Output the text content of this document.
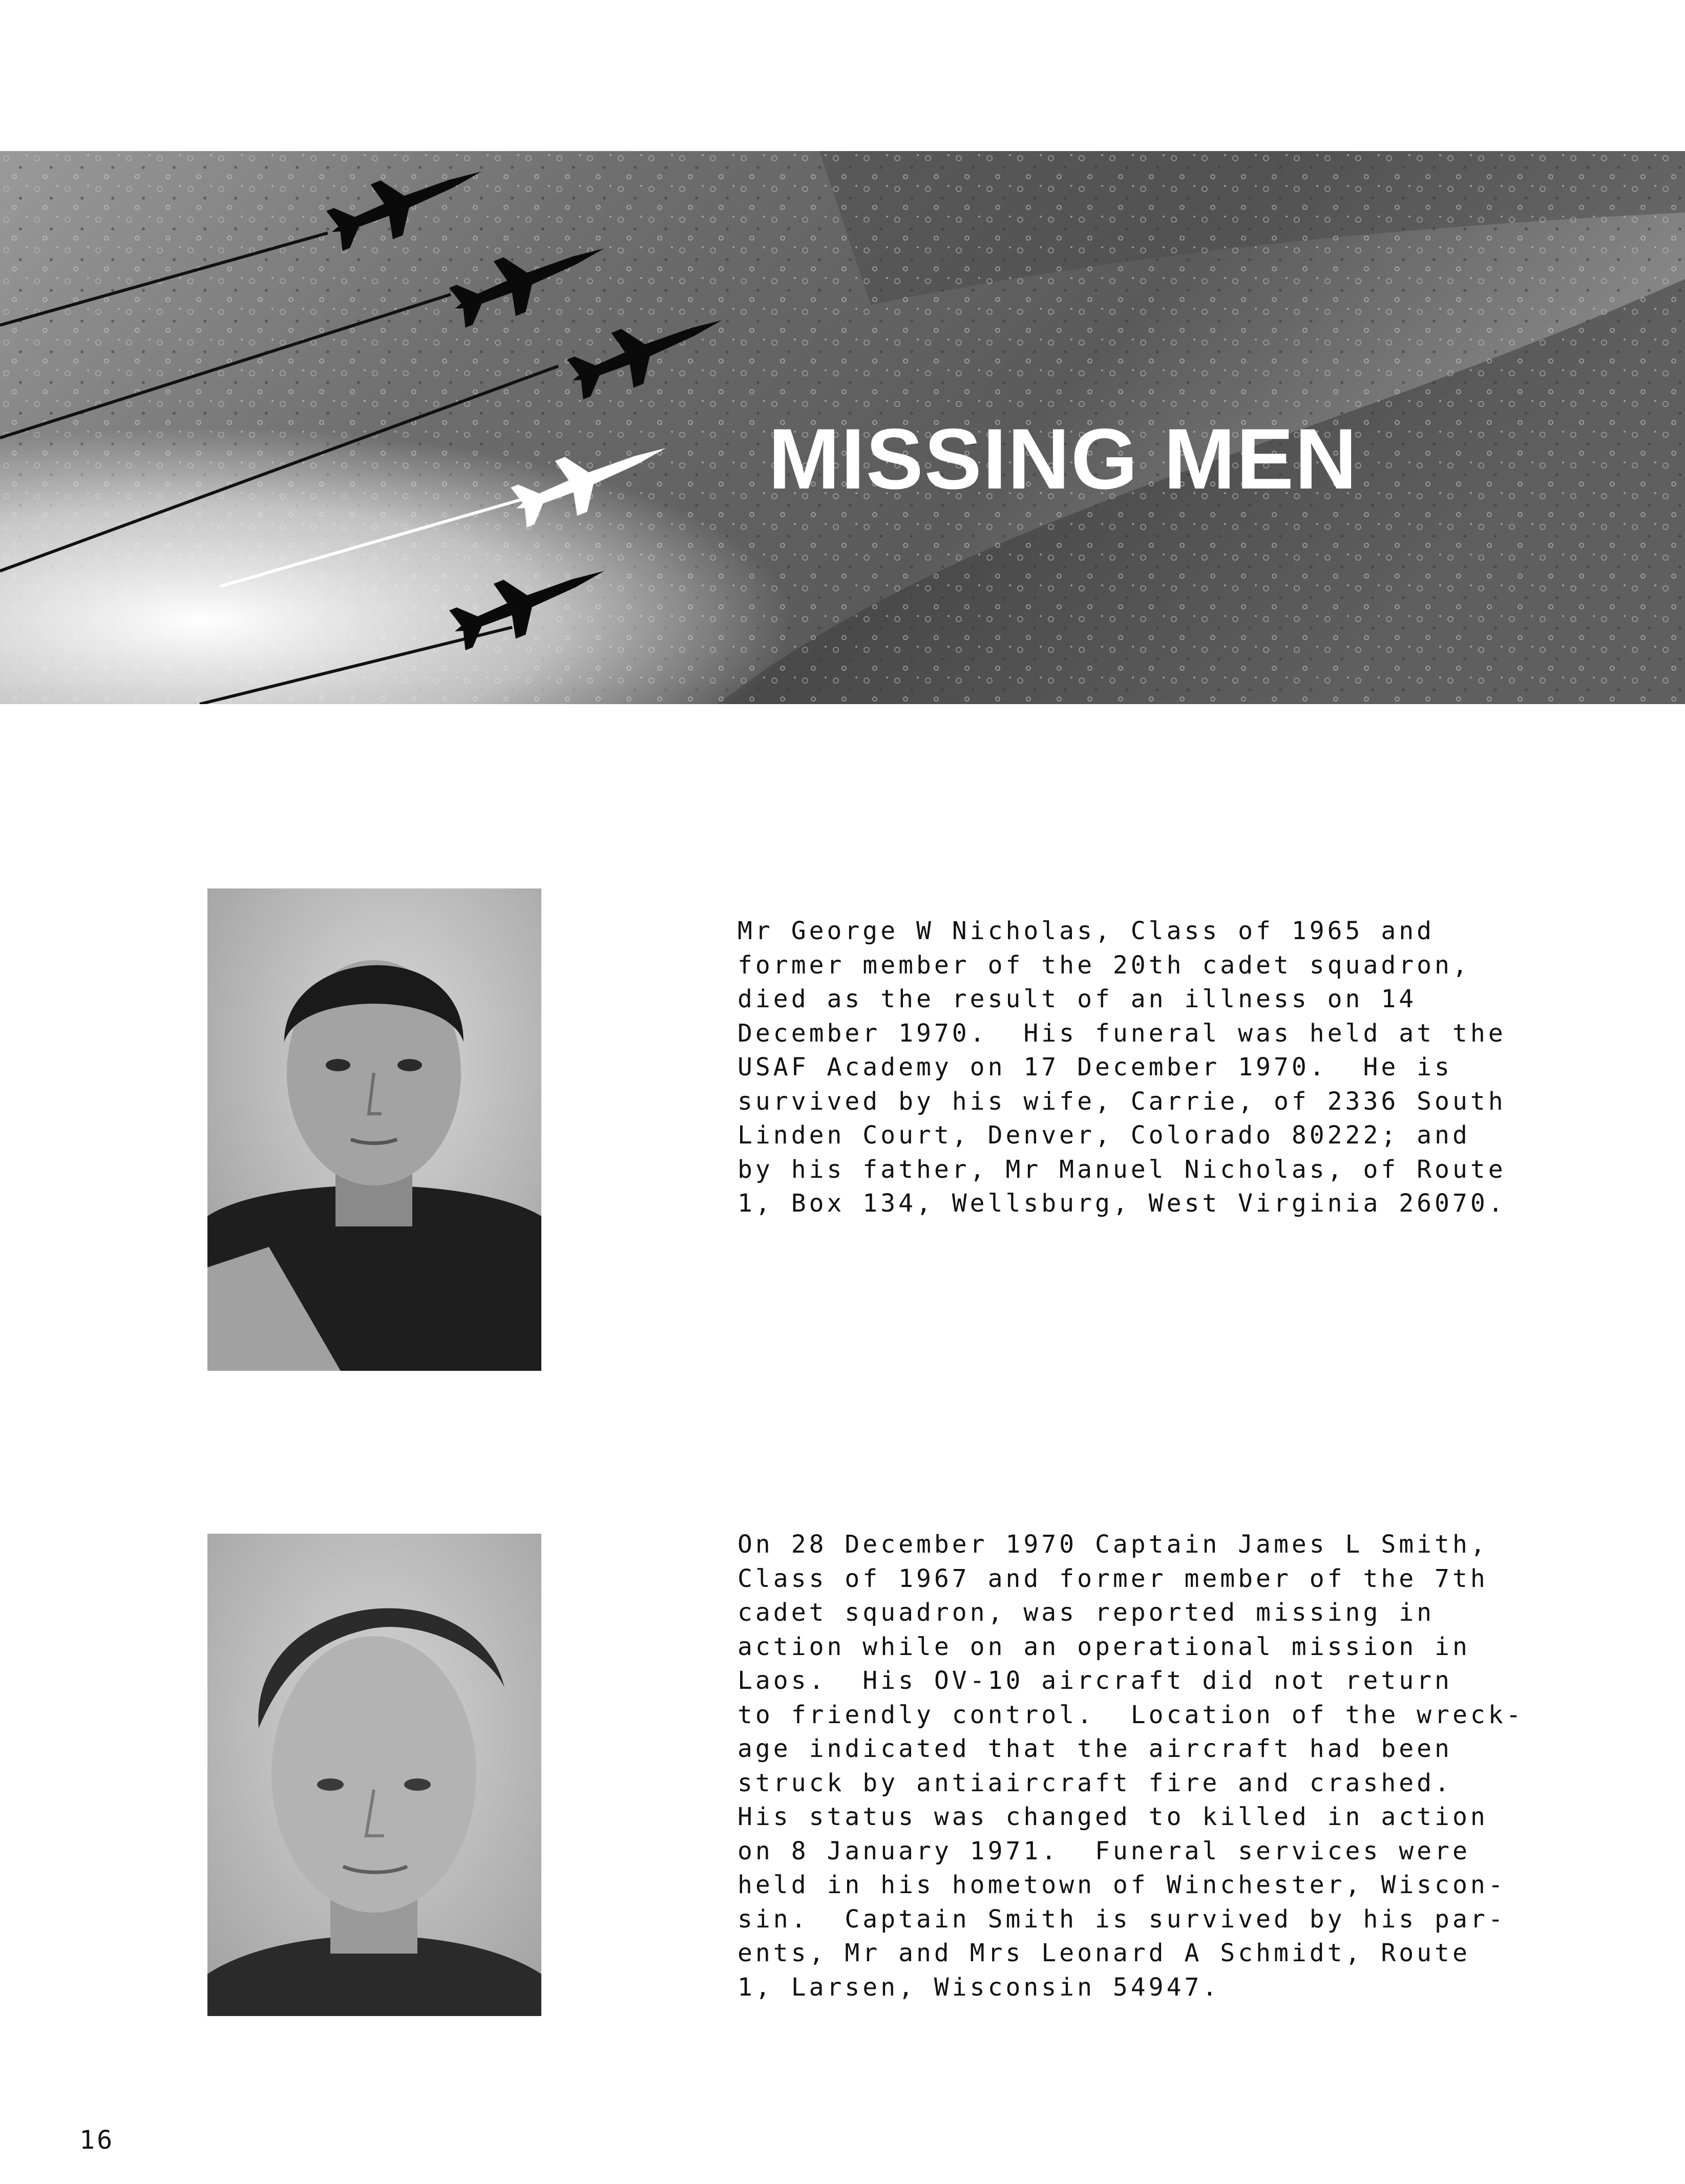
MISSING MEN
Mr George W Nicholas, Class of 1965 and
former member of the 20th cadet squadron,
died as the result of an illness on 14
December 1970.  His funeral was held at the
USAF Academy on 17 December 1970.  He is
survived by his wife, Carrie, of 2336 South
Linden Court, Denver, Colorado 80222; and
by his father, Mr Manuel Nicholas, of Route
1, Box 134, Wellsburg, West Virginia 26070.
On 28 December 1970 Captain James L Smith,
Class of 1967 and former member of the 7th
cadet squadron, was reported missing in
action while on an operational mission in
Laos.  His OV-10 aircraft did not return
to friendly control.  Location of the wreck-
age indicated that the aircraft had been
struck by antiaircraft fire and crashed.
His status was changed to killed in action
on 8 January 1971.  Funeral services were
held in his hometown of Winchester, Wiscon-
sin.  Captain Smith is survived by his par-
ents, Mr and Mrs Leonard A Schmidt, Route
1, Larsen, Wisconsin 54947.
16
